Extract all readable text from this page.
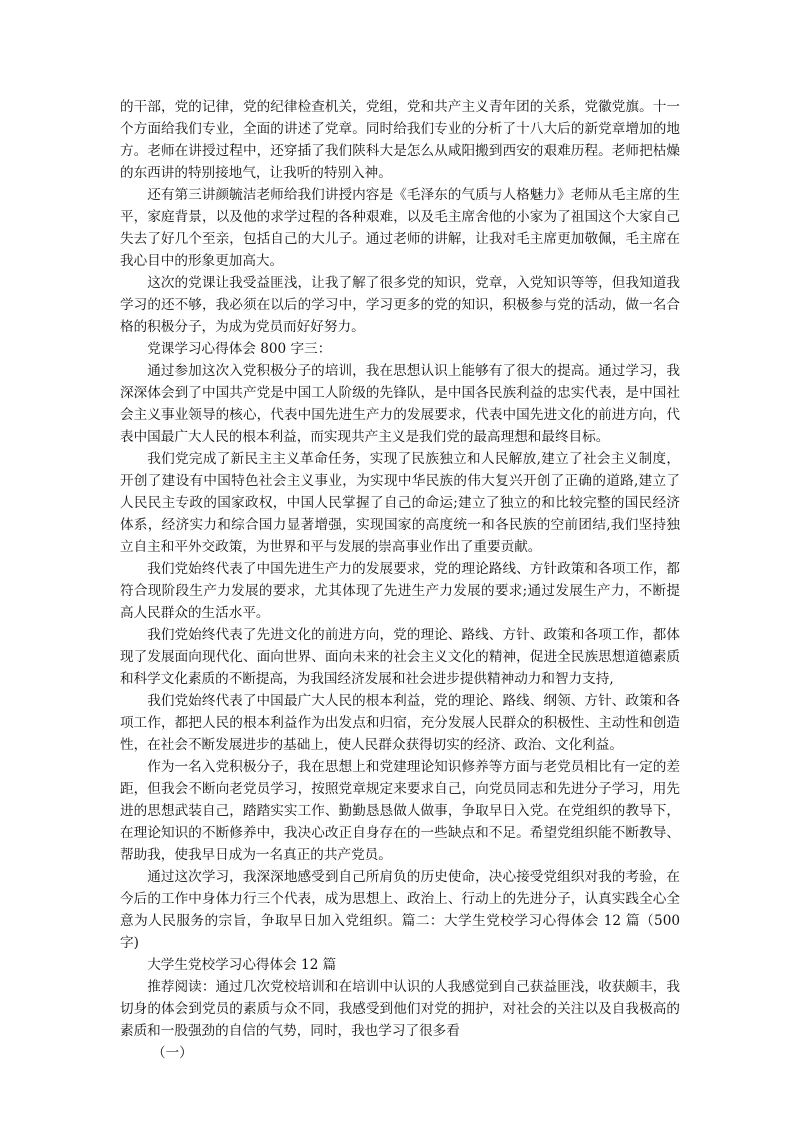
的干部，党的记律，党的纪律检查机关，党组，党和共产主义青年团的关系，党徽党旗。十一个方面给我们专业，全面的讲述了党章。同时给我们专业的分析了十八大后的新党章增加的地方。老师在讲授过程中，还穿插了我们陕科大是怎么从咸阳搬到西安的艰难历程。老师把枯燥的东西讲的特别接地气，让我听的特别入神。

还有第三讲颜毓洁老师给我们讲授内容是《毛泽东的气质与人格魅力》老师从毛主席的生平，家庭背景，以及他的求学过程的各种艰难，以及毛主席舍他的小家为了祖国这个大家自己失去了好几个至亲，包括自己的大儿子。通过老师的讲解，让我对毛主席更加敬佩，毛主席在我心目中的形象更加高大。

这次的党课让我受益匪浅，让我了解了很多党的知识，党章，入党知识等等，但我知道我学习的还不够，我必须在以后的学习中，学习更多的党的知识，积极参与党的活动，做一名合格的积极分子，为成为党员而好好努力。

党课学习心得体会 800 字三：

通过参加这次入党积极分子的培训，我在思想认识上能够有了很大的提高。通过学习，我深深体会到了中国共产党是中国工人阶级的先锋队，是中国各民族利益的忠实代表，是中国社会主义事业领导的核心，代表中国先进生产力的发展要求，代表中国先进文化的前进方向，代表中国最广大人民的根本利益，而实现共产主义是我们党的最高理想和最终目标。

我们党完成了新民主主义革命任务，实现了民族独立和人民解放,建立了社会主义制度，开创了建设有中国特色社会主义事业，为实现中华民族的伟大复兴开创了正确的道路,建立了人民民主专政的国家政权，中国人民掌握了自己的命运;建立了独立的和比较完整的国民经济体系，经济实力和综合国力显著增强，实现国家的高度统一和各民族的空前团结,我们坚持独立自主和平外交政策，为世界和平与发展的崇高事业作出了重要贡献。

我们党始终代表了中国先进生产力的发展要求，党的理论路线、方针政策和各项工作，都符合现阶段生产力发展的要求，尤其体现了先进生产力发展的要求;通过发展生产力，不断提高人民群众的生活水平。

我们党始终代表了先进文化的前进方向，党的理论、路线、方针、政策和各项工作，都体现了发展面向现代化、面向世界、面向未来的社会主义文化的精神，促进全民族思想道德素质和科学文化素质的不断提高，为我国经济发展和社会进步提供精神动力和智力支持,

我们党始终代表了中国最广大人民的根本利益，党的理论、路线、纲领、方针、政策和各项工作，都把人民的根本利益作为出发点和归宿，充分发展人民群众的积极性、主动性和创造性，在社会不断发展进步的基础上，使人民群众获得切实的经济、政治、文化利益。

作为一名入党积极分子，我在思想上和党建理论知识修养等方面与老党员相比有一定的差距，但我会不断向老党员学习，按照党章规定来要求自己，向党员同志和先进分子学习，用先进的思想武装自己，踏踏实实工作、勤勤恳恳做人做事，争取早日入党。在党组织的教导下，在理论知识的不断修养中，我决心改正自身存在的一些缺点和不足。希望党组织能不断教导、帮助我，使我早日成为一名真正的共产党员。

通过这次学习，我深深地感受到自己所肩负的历史使命，决心接受党组织对我的考验，在今后的工作中身体力行三个代表，成为思想上、政治上、行动上的先进分子，认真实践全心全意为人民服务的宗旨，争取早日加入党组织。篇二：大学生党校学习心得体会 12 篇（500 字)

大学生党校学习心得体会 12 篇

推荐阅读：通过几次党校培训和在培训中认识的人我感觉到自己获益匪浅，收获颇丰，我切身的体会到党员的素质与众不同，我感受到他们对党的拥护，对社会的关注以及自我极高的素质和一股强劲的自信的气势，同时，我也学习了很多看

（一）
